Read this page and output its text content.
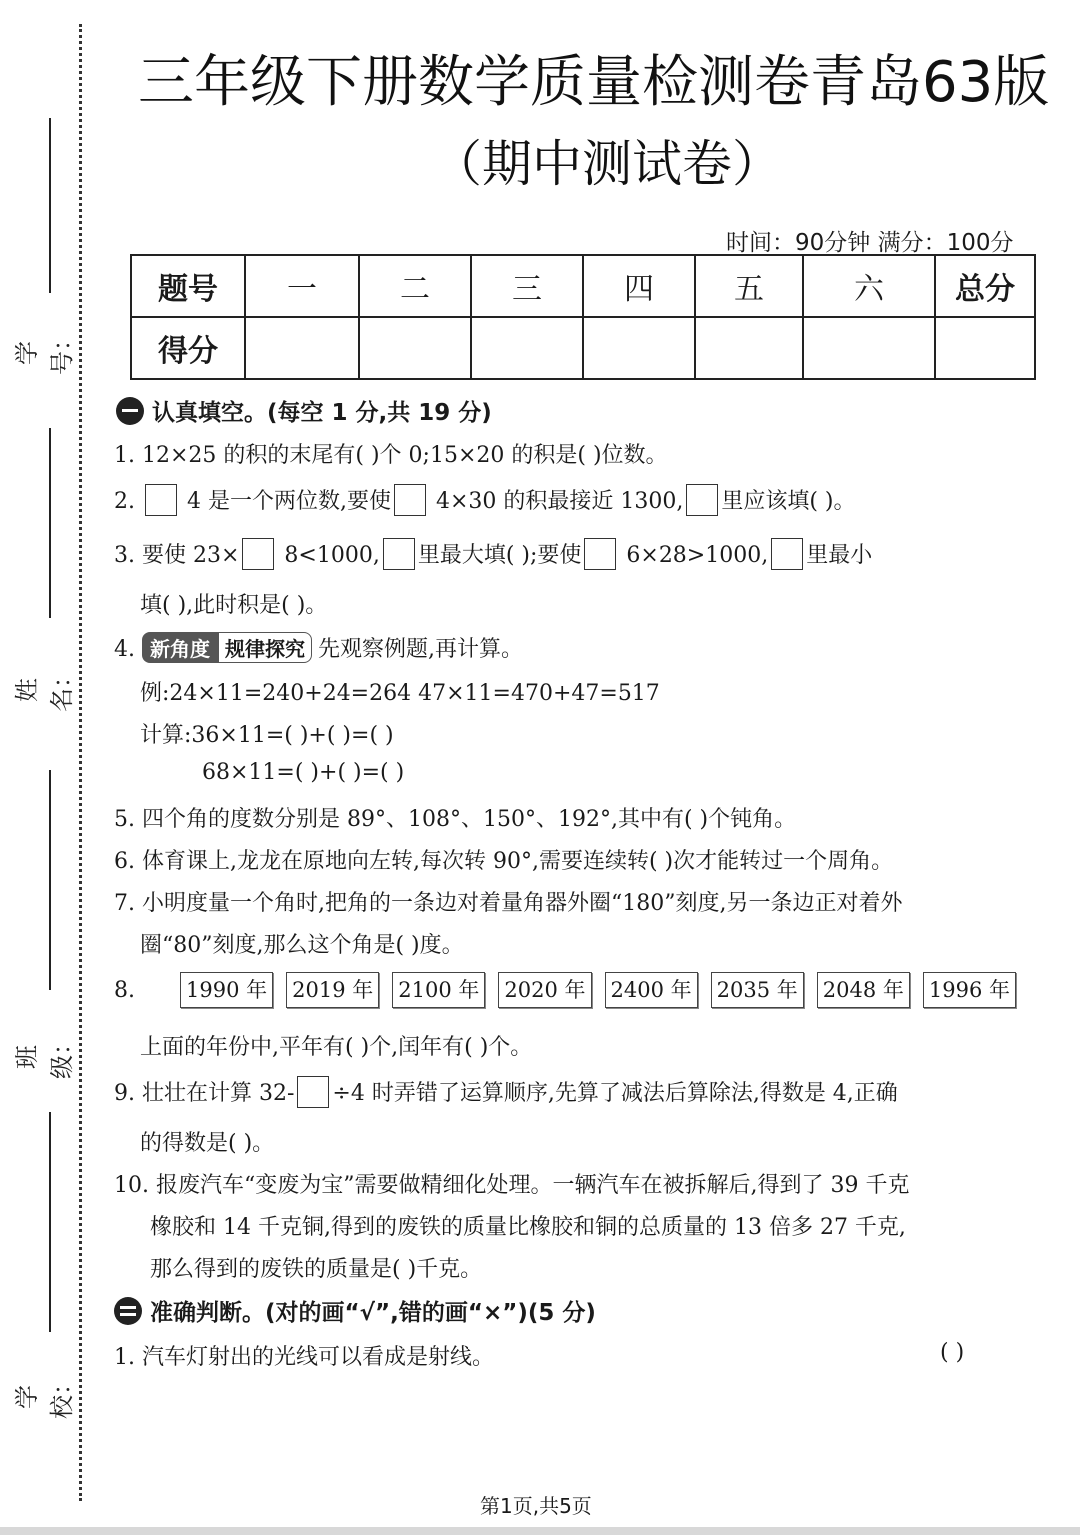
学号：
姓名：
班级：
学校：
三年级下册数学质量检测卷青岛63版
（期中测试卷）
时间：90分钟 满分：100分
题号	一	二	三	四	五	六	总分
得分							
认真填空。(每空 1 分,共 19 分)
1. 12×25 的积的末尾有( )个 0;15×20 的积是( )位数。
2.  4 是一个两位数,要使 4×30 的积最接近 1300, 里应该填( )。
3. 要使 23× 8<1000, 里最大填( );要使 6×28>1000, 里最小
填( ),此时积是( )。
4. 新角度 规律探究 先观察例题,再计算。
例:24×11=240+24=264 47×11=470+47=517
计算:36×11=( )+( )=( )
68×11=( )+( )=( )
5. 四个角的度数分别是 89°、108°、150°、192°,其中有( )个钝角。
6. 体育课上,龙龙在原地向左转,每次转 90°,需要连续转( )次才能转过一个周角。
7. 小明度量一个角时,把角的一条边对着量角器外圈“180”刻度,另一条边正对着外
圈“80”刻度,那么这个角是( )度。
8. 1990 年 2019 年 2100 年 2020 年 2400 年 2035 年 2048 年 1996 年
上面的年份中,平年有( )个,闰年有( )个。
9. 壮壮在计算 32- ÷4 时弄错了运算顺序,先算了减法后算除法,得数是 4,正确
的得数是( )。
10. 报废汽车“变废为宝”需要做精细化处理。一辆汽车在被拆解后,得到了 39 千克
橡胶和 14 千克铜,得到的废铁的质量比橡胶和铜的总质量的 13 倍多 27 千克,
那么得到的废铁的质量是( )千克。
准确判断。(对的画“√”,错的画“×”)(5 分)
1. 汽车灯射出的光线可以看成是射线。	( )
第1页,共5页
